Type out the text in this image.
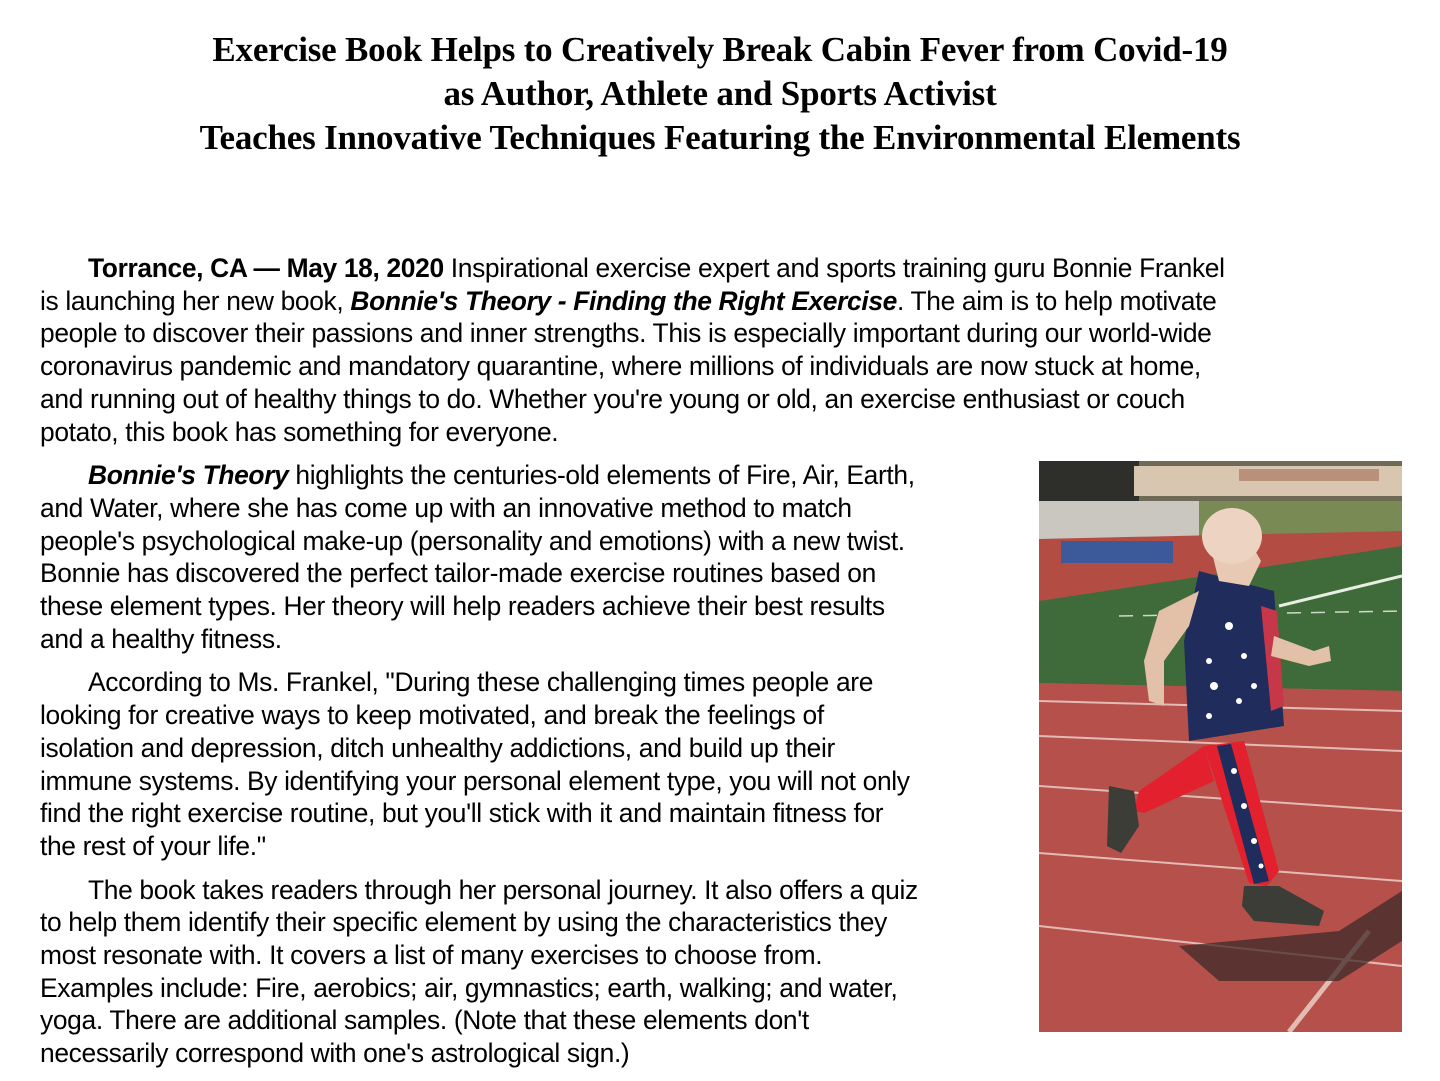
Exercise Book Helps to Creatively Break Cabin Fever from Covid-19
as Author, Athlete and Sports Activist
Teaches Innovative Techniques Featuring the Environmental Elements
Torrance, CA — May 18, 2020 Inspirational exercise expert and sports training guru Bonnie Frankel
is launching her new book, Bonnie's Theory - Finding the Right Exercise. The aim is to help motivate
people to discover their passions and inner strengths. This is especially important during our world-wide
coronavirus pandemic and mandatory quarantine, where millions of individuals are now stuck at home,
and running out of healthy things to do. Whether you're young or old, an exercise enthusiast or couch
potato, this book has something for everyone.
Bonnie's Theory highlights the centuries-old elements of Fire, Air, Earth,
and Water, where she has come up with an innovative method to match
people's psychological make-up (personality and emotions) with a new twist.
Bonnie has discovered the perfect tailor-made exercise routines based on
these element types. Her theory will help readers achieve their best results
and a healthy fitness.
According to Ms. Frankel, "During these challenging times people are
looking for creative ways to keep motivated, and break the feelings of
isolation and depression, ditch unhealthy addictions, and build up their
immune systems. By identifying your personal element type, you will not only
find the right exercise routine, but you'll stick with it and maintain fitness for
the rest of your life."
The book takes readers through her personal journey. It also offers a quiz
to help them identify their specific element by using the characteristics they
most resonate with. It covers a list of many exercises to choose from.
Examples include: Fire, aerobics; air, gymnastics; earth, walking; and water,
yoga. There are additional samples. (Note that these elements don't
necessarily correspond with one's astrological sign.)
